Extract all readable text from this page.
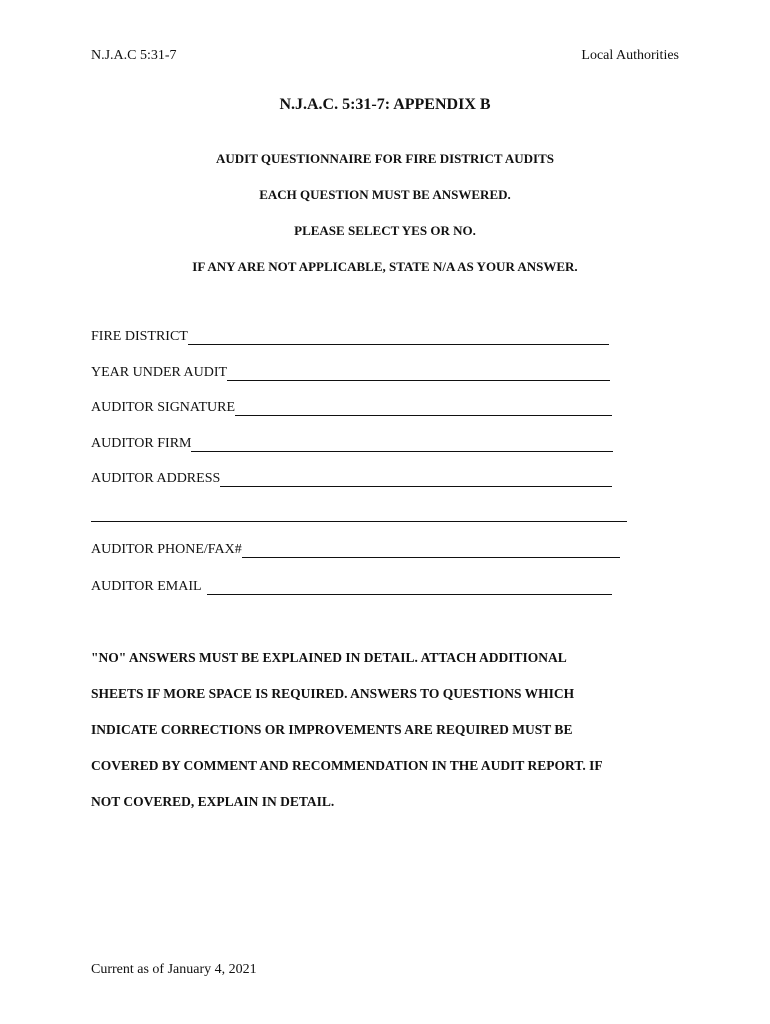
N.J.A.C 5:31-7	Local Authorities
N.J.A.C. 5:31-7: APPENDIX B
AUDIT QUESTIONNAIRE FOR FIRE DISTRICT AUDITS
EACH QUESTION MUST BE ANSWERED.
PLEASE SELECT YES OR NO.
IF ANY ARE NOT APPLICABLE, STATE N/A AS YOUR ANSWER.
FIRE DISTRICT
YEAR UNDER AUDIT
AUDITOR SIGNATURE
AUDITOR FIRM
AUDITOR ADDRESS
AUDITOR PHONE/FAX#
AUDITOR EMAIL
"NO" ANSWERS MUST BE EXPLAINED IN DETAIL. ATTACH ADDITIONAL
SHEETS IF MORE SPACE IS REQUIRED. ANSWERS TO QUESTIONS WHICH
INDICATE CORRECTIONS OR IMPROVEMENTS ARE REQUIRED MUST BE
COVERED BY COMMENT AND RECOMMENDATION IN THE AUDIT REPORT. IF
NOT COVERED, EXPLAIN IN DETAIL.
Current as of January 4, 2021
